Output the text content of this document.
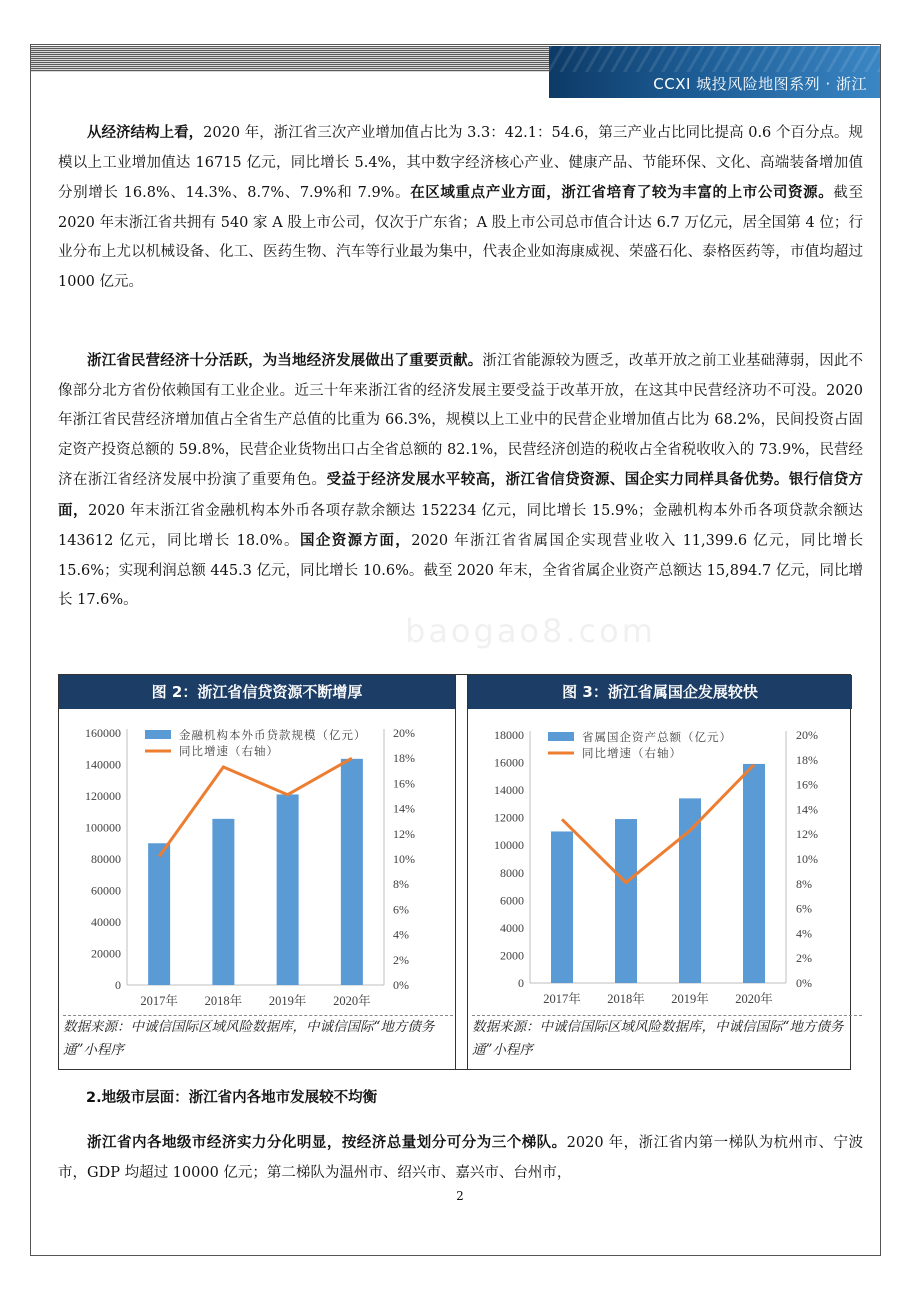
CCXI 城投风险地图系列 · 浙江

从经济结构上看，2020 年，浙江省三次产业增加值占比为 3.3：42.1：54.6，第三产业占比同比提高 0.6 个百分点。规模以上工业增加值达 16715 亿元，同比增长 5.4%，其中数字经济核心产业、健康产品、节能环保、文化、高端装备增加值分别增长 16.8%、14.3%、8.7%、7.9%和 7.9%。在区域重点产业方面，浙江省培育了较为丰富的上市公司资源。截至 2020 年末浙江省共拥有 540 家 A 股上市公司，仅次于广东省；A 股上市公司总市值合计达 6.7 万亿元，居全国第 4 位；行业分布上尤以机械设备、化工、医药生物、汽车等行业最为集中，代表企业如海康威视、荣盛石化、泰格医药等，市值均超过 1000 亿元。

浙江省民营经济十分活跃，为当地经济发展做出了重要贡献。浙江省能源较为匮乏，改革开放之前工业基础薄弱，因此不像部分北方省份依赖国有工业企业。近三十年来浙江省的经济发展主要受益于改革开放，在这其中民营经济功不可没。2020 年浙江省民营经济增加值占全省生产总值的比重为 66.3%，规模以上工业中的民营企业增加值占比为 68.2%，民间投资占固定资产投资总额的 59.8%，民营企业货物出口占全省总额的 82.1%，民营经济创造的税收占全省税收收入的 73.9%，民营经济在浙江省经济发展中扮演了重要角色。受益于经济发展水平较高，浙江省信贷资源、国企实力同样具备优势。银行信贷方面，2020 年末浙江省金融机构本外币各项存款余额达 152234 亿元，同比增长 15.9%；金融机构本外币各项贷款余额达 143612 亿元，同比增长 18.0%。国企资源方面，2020 年浙江省省属国企实现营业收入 11,399.6 亿元，同比增长 15.6%；实现利润总额 445.3 亿元，同比增长 10.6%。截至 2020 年末，全省省属企业资产总额达 15,894.7 亿元，同比增长 17.6%。

baogao8.com
图 2：浙江省信贷资源不断增厚
0
20000
40000
60000
80000
100000
120000
140000
160000
0%
2%
4%
6%
8%
10%
12%
14%
16%
18%
20%
2017年 2018年 2019年 2020年
金融机构本外币贷款规模（亿元）
同比增速（右轴）
数据来源：中诚信国际区域风险数据库，中诚信国际“地方债务通”小程序
图 3：浙江省属国企发展较快
0
2000
4000
6000
8000
10000
12000
14000
16000
18000
0%
2%
4%
6%
8%
10%
12%
14%
16%
18%
20%
2017年 2018年 2019年 2020年
省属国企资产总额（亿元）
同比增速（右轴）
数据来源：中诚信国际区域风险数据库，中诚信国际“地方债务通”小程序
2.地级市层面：浙江省内各地市发展较不均衡

浙江省内各地级市经济实力分化明显，按经济总量划分可分为三个梯队。2020 年，浙江省内第一梯队为杭州市、宁波市，GDP 均超过 10000 亿元；第二梯队为温州市、绍兴市、嘉兴市、台州市，

2
